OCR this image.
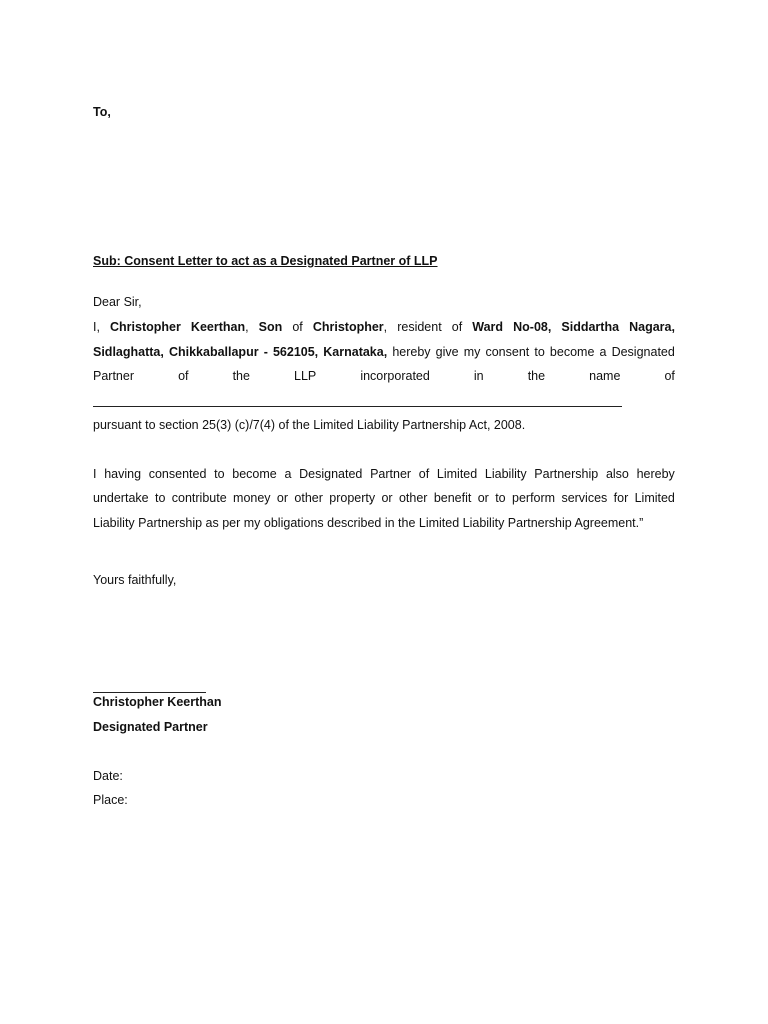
To,
Sub: Consent Letter to act as a Designated Partner of LLP
Dear Sir,
I, Christopher Keerthan, Son of Christopher, resident of Ward No-08, Siddartha Nagara,
Sidlaghatta, Chikkaballapur - 562105, Karnataka, hereby give my consent to become a Designated
Partner	of	the	LLP	incorporated	in	the	name	of
pursuant to section 25(3) (c)/7(4) of the Limited Liability Partnership Act, 2008.
I having consented to become a Designated Partner of Limited Liability Partnership also hereby
undertake to contribute money or other property or other benefit or to perform services for Limited
Liability Partnership as per my obligations described in the Limited Liability Partnership Agreement.”
Yours faithfully,
Christopher Keerthan
Designated Partner
Date:
Place:
